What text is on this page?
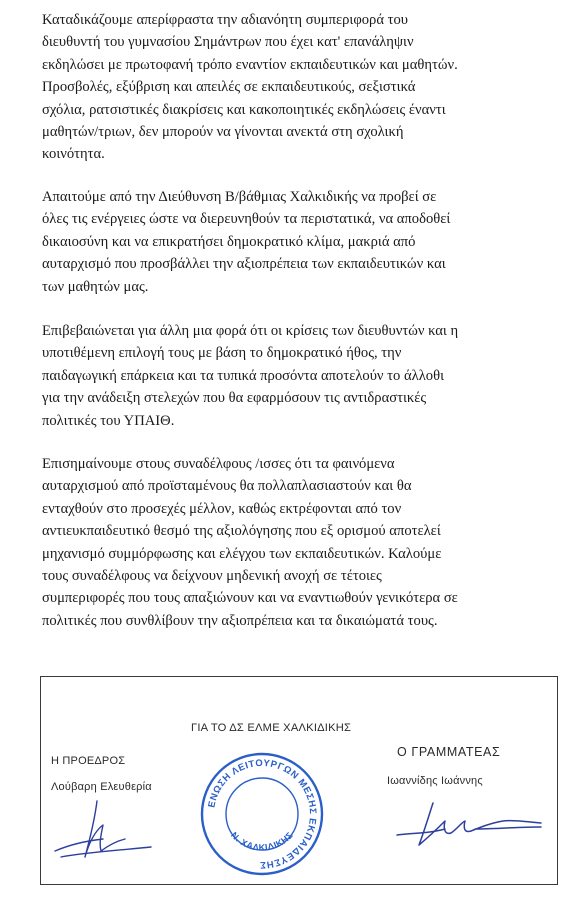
Καταδικάζουμε απερίφραστα την αδιανόητη συμπεριφορά του
διευθυντή του γυμνασίου Σημάντρων που έχει κατ' επανάληψιν
εκδηλώσει με πρωτοφανή τρόπο εναντίον εκπαιδευτικών και μαθητών.
Προσβολές, εξύβριση και απειλές σε εκπαιδευτικούς, σεξιστικά
σχόλια, ρατσιστικές διακρίσεις και κακοποιητικές εκδηλώσεις έναντι
μαθητών/τριων, δεν μπορούν να γίνονται ανεκτά στη σχολική
κοινότητα.

Απαιτούμε από την Διεύθυνση Β/βάθμιας Χαλκιδικής να προβεί σε
όλες τις ενέργειες ώστε να διερευνηθούν τα περιστατικά, να αποδοθεί
δικαιοσύνη και να επικρατήσει δημοκρατικό κλίμα, μακριά από
αυταρχισμό που προσβάλλει την αξιοπρέπεια των εκπαιδευτικών και
των μαθητών μας.

Επιβεβαιώνεται για άλλη μια φορά ότι οι κρίσεις των διευθυντών και η
υποτιθέμενη επιλογή τους με βάση το δημοκρατικό ήθος, την
παιδαγωγική επάρκεια και τα τυπικά προσόντα αποτελούν το άλλοθι
για την ανάδειξη στελεχών που θα εφαρμόσουν τις αντιδραστικές
πολιτικές του ΥΠΑΙΘ.

Επισημαίνουμε στους συναδέλφους /ισσες ότι τα φαινόμενα
αυταρχισμού από προϊσταμένους θα πολλαπλασιαστούν και θα
ενταχθούν στο προσεχές μέλλον, καθώς εκτρέφονται από τον
αντιευκπαιδευτικό θεσμό της αξιολόγησης που εξ ορισμού αποτελεί
μηχανισμό συμμόρφωσης και ελέγχου των εκπαιδευτικών. Καλούμε
τους συναδέλφους να δείχνουν μηδενική ανοχή σε τέτοιες
συμπεριφορές που τους απαξιώνουν και να εναντιωθούν γενικότερα σε
πολιτικές που συνθλίβουν την αξιοπρέπεια και τα δικαιώματά τους.

ΓΙΑ ΤΟ ΔΣ ΕΛΜΕ ΧΑΛΚΙΔΙΚΗΣ
Η ΠΡΟΕΔΡΟΣ
Λούβαρη Ελευθερία
Ο ΓΡΑΜΜΑΤΕΑΣ
Ιωαννίδης Ιωάννης
ΕΝΩΣΗ ΛΕΙΤΟΥΡΓΩΝ ΜΕΣΗΣ ΕΚΠΑΙΔΕΥΣΗΣ
Ν. ΧΑΛΚΙΔΙΚΗΣ
